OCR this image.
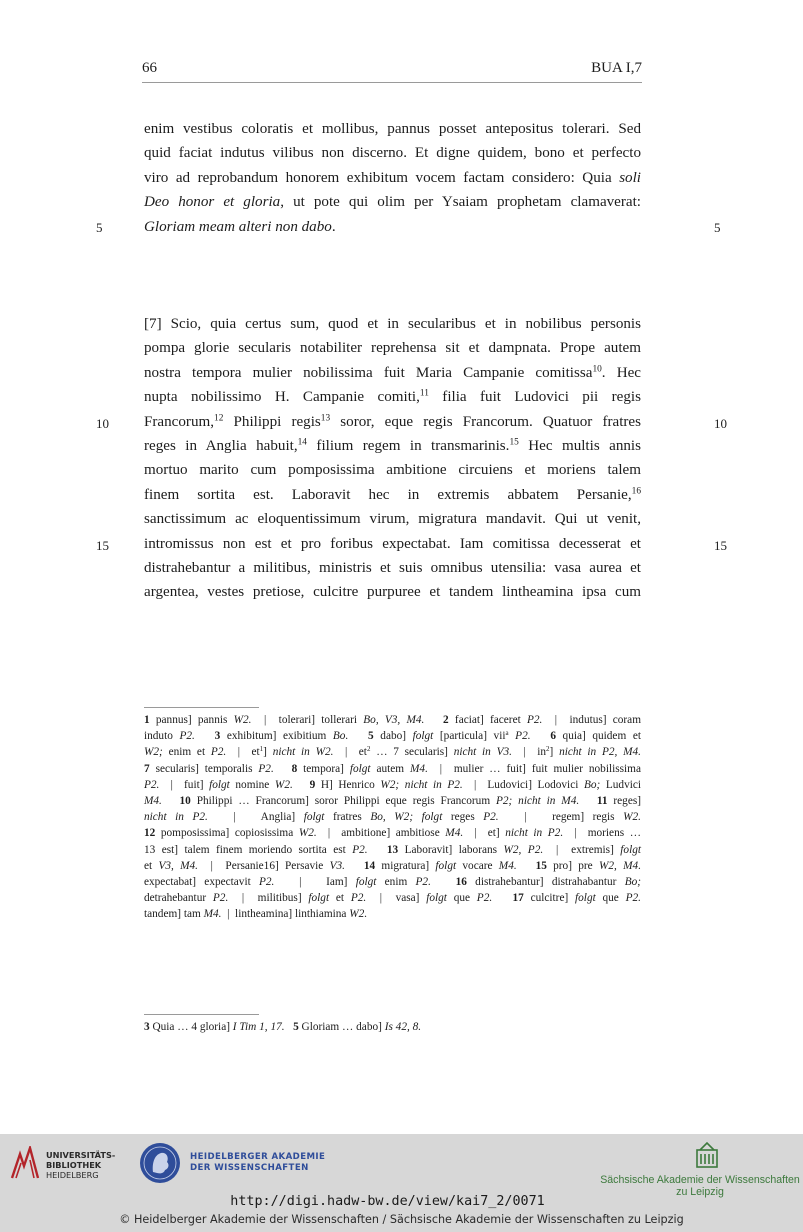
66	BUA I,7
enim vestibus coloratis et mollibus, pannus posset antepositus tolerari. Sed
quid faciat indutus vilibus non discerno. Et digne quidem, bono et perfecto
viro ad reprobandum honorem exhibitum vocem factam considero: Quia soli
Deo honor et gloria, ut pote qui olim per Ysaiam prophetam clamaverat:
Gloriam meam alteri non dabo.
5	5
[7] Scio, quia certus sum, quod et in secularibus et in nobilibus personis
pompa glorie secularis notabiliter reprehensa sit et dampnata. Prope autem
nostra tempora mulier nobilissima fuit Maria Campanie comitissa$^{10}$. Hec
nupta nobilissimo H. Campanie comiti,$^{11}$ filia fuit Ludovici pii regis
Francorum,$^{12}$ Philippi regis$^{13}$ soror, eque regis Francorum. Quatuor fratres
reges in Anglia habuit,$^{14}$ filium regem in transmarinis.$^{15}$ Hec multis annis
mortuo marito cum pomposissima ambitione circuiens et moriens talem
finem sortita est. Laboravit hec in extremis abbatem Persanie,$^{16}$
sanctissimum ac eloquentissimum virum, migratura mandavit. Qui ut venit,
intromissus non est et pro foribus expectabat. Iam comitissa decesserat et
distrahebantur a militibus, ministris et suis omnibus utensilia: vasa aurea et
argentea, vestes pretiose, culcitre purpuree et tandem lintheamina ipsa cum
10	10
15	15
1 pannus] pannis W2.  |  tolerari] tollerari Bo, V3, M4. 2 faciat] faceret P2.  |  indutus] coram
induto P2. 3 exhibitum] exibitium Bo. 5 dabo] folgt [particula] vii$^a$ P2. 6 quia] quidem et
W2; enim et P2.  |  $et^1$] nicht in W2.  |  $et^2$ … 7 secularis] nicht in V3.  |  $in^2$] nicht in P2, M4.
7 secularis] temporalis P2. 8 tempora] folgt autem M4.  |  mulier … fuit] fuit mulier nobilissima
P2.  |  fuit] folgt nomine W2. 9 H] Henrico W2; nicht in P2.  |  Ludovici] Lodovici Bo; Ludvici
M4. 10 Philippi … Francorum] soror Philippi eque regis Francorum P2; nicht in M4. 11 reges]
nicht in P2.   |   Anglia] folgt fratres Bo, W2; folgt reges P2.   |   regem] regis W2.
12 pomposissima] copiosissima W2.  |  ambitione] ambitiose M4.  |  et] nicht in P2.  |  moriens …
13 est] talem finem moriendo sortita est P2. 13 Laboravit] laborans W2, P2.  |  extremis] folgt
et V3, M4.  |  Persanie16] Persavie V3. 14 migratura] folgt vocare M4. 15 pro] pre W2, M4.
expectabat] expectavit P2.   |   Iam] folgt enim P2. 16 distrahebantur] distrahabantur Bo;
detrahebantur P2.  |  militibus] folgt et P2.  |  vasa] folgt que P2. 17 culcitre] folgt que P2.
tandem] tam M4.  |  lintheamina] linthiamina W2.
3 Quia … 4 gloria] I Tim 1, 17. 5 Gloriam … dabo] Is 42, 8.
UNIVERSITÄTS-
BIBLIOTHEK
HEIDELBERG
HEIDELBERGER AKADEMIE
DER WISSENSCHAFTEN
Sächsische Akademie der Wissenschaften
zu Leipzig
http://digi.hadw-bw.de/view/kai7_2/0071
© Heidelberger Akademie der Wissenschaften / Sächsische Akademie der Wissenschaften zu Leipzig
